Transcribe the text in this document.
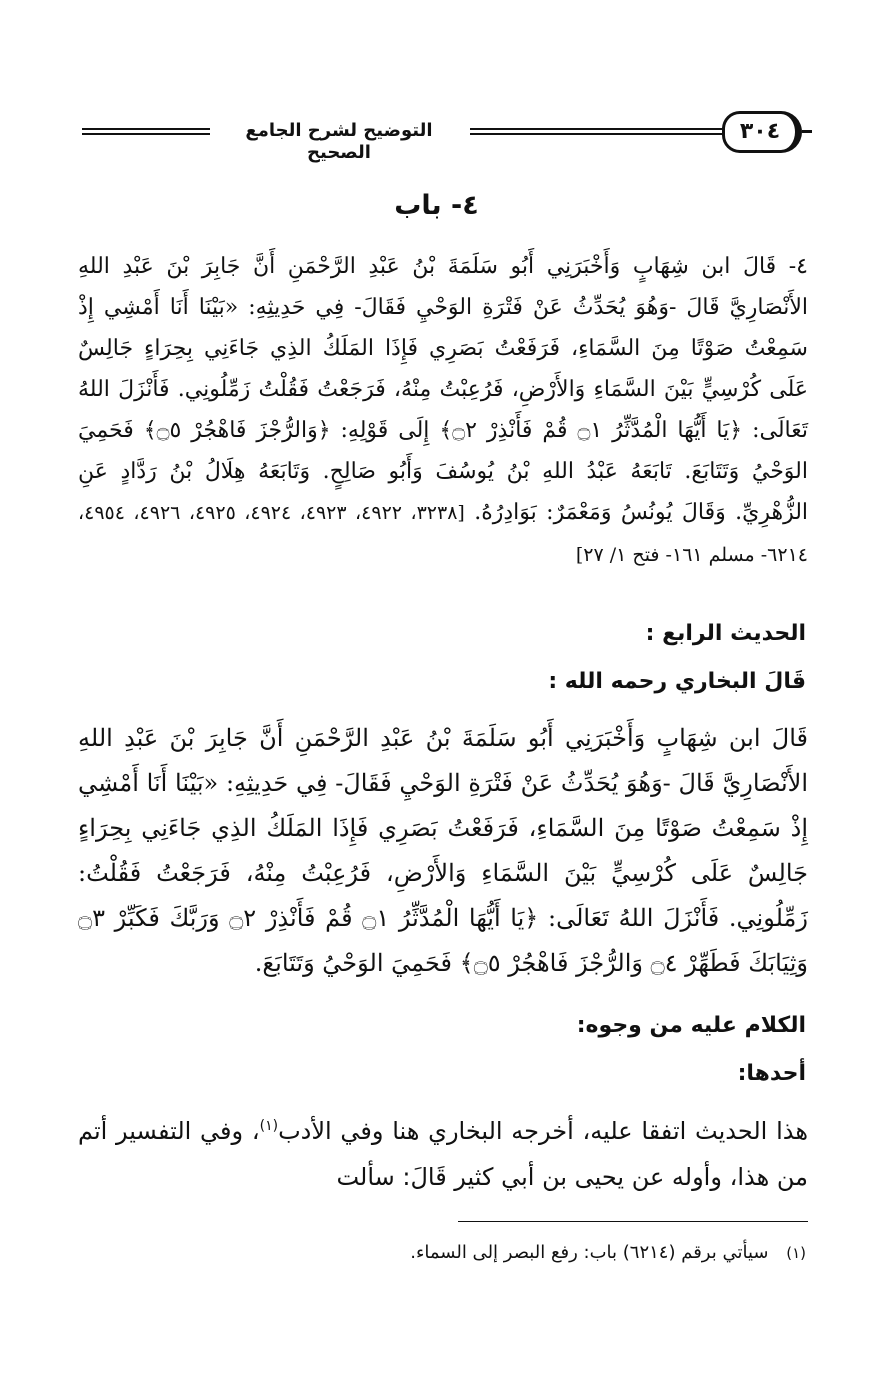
التوضيح لشرح الجامع الصحيح
٣٠٤
٤- باب
٤- قَالَ ابن شِهَابٍ وَأَخْبَرَنِي أَبُو سَلَمَةَ بْنُ عَبْدِ الرَّحْمَنِ أَنَّ جَابِرَ بْنَ عَبْدِ اللهِ الأَنْصَارِيَّ قَالَ -وَهُوَ يُحَدِّثُ عَنْ فَتْرَةِ الوَحْيِ فَقَالَ- فِي حَدِيثِهِ: «بَيْنَا أَنَا أَمْشِي إِذْ سَمِعْتُ صَوْتًا مِنَ السَّمَاءِ، فَرَفَعْتُ بَصَرِي فَإِذَا المَلَكُ الذِي جَاءَنِي بِحِرَاءٍ جَالِسٌ عَلَى كُرْسِيٍّ بَيْنَ السَّمَاءِ وَالأَرْضِ، فَرُعِبْتُ مِنْهُ، فَرَجَعْتُ فَقُلْتُ زَمِّلُونِي. فَأَنْزَلَ اللهُ تَعَالَى: ﴿يَا أَيُّهَا الْمُدَّثِّرُ ۝١ قُمْ فَأَنْذِرْ ۝٢﴾ إِلَى قَوْلِهِ: ﴿وَالرُّجْزَ فَاهْجُرْ ۝٥﴾ فَحَمِيَ الوَحْيُ وَتَتَابَعَ. تَابَعَهُ عَبْدُ اللهِ بْنُ يُوسُفَ وَأَبُو صَالِحٍ. وَتَابَعَهُ هِلَالُ بْنُ رَدَّادٍ عَنِ الزُّهْرِيِّ. وَقَالَ يُونُسُ وَمَعْمَرٌ: بَوَادِرُهُ. [٣٢٣٨، ٤٩٢٢، ٤٩٢٣، ٤٩٢٤، ٤٩٢٥، ٤٩٢٦، ٤٩٥٤، ٦٢١٤- مسلم ١٦١- فتح ١/ ٢٧]
الحديث الرابع :
قَالَ البخاري رحمه الله :
قَالَ ابن شِهَابٍ وَأَخْبَرَنِي أَبُو سَلَمَةَ بْنُ عَبْدِ الرَّحْمَنِ أَنَّ جَابِرَ بْنَ عَبْدِ اللهِ الأَنْصَارِيَّ قَالَ -وَهُوَ يُحَدِّثُ عَنْ فَتْرَةِ الوَحْيِ فَقَالَ- فِي حَدِيثِهِ: «بَيْنَا أَنَا أَمْشِي إِذْ سَمِعْتُ صَوْتًا مِنَ السَّمَاءِ، فَرَفَعْتُ بَصَرِي فَإِذَا المَلَكُ الذِي جَاءَنِي بِحِرَاءٍ جَالِسٌ عَلَى كُرْسِيٍّ بَيْنَ السَّمَاءِ وَالأَرْضِ، فَرُعِبْتُ مِنْهُ، فَرَجَعْتُ فَقُلْتُ: زَمِّلُونِي. فَأَنْزَلَ اللهُ تَعَالَى: ﴿يَا أَيُّهَا الْمُدَّثِّرُ ۝١ قُمْ فَأَنْذِرْ ۝٢ وَرَبَّكَ فَكَبِّرْ ۝٣ وَثِيَابَكَ فَطَهِّرْ ۝٤ وَالرُّجْزَ فَاهْجُرْ ۝٥﴾ فَحَمِيَ الوَحْيُ وَتَتَابَعَ.
الكلام عليه من وجوه:
أحدها:
هذا الحديث اتفقا عليه، أخرجه البخاري هنا وفي الأدب$^{(١)}$، وفي التفسير أتم من هذا، وأوله عن يحيى بن أبي كثير قَالَ: سألت
(١) سيأتي برقم (٦٢١٤) باب: رفع البصر إلى السماء.
